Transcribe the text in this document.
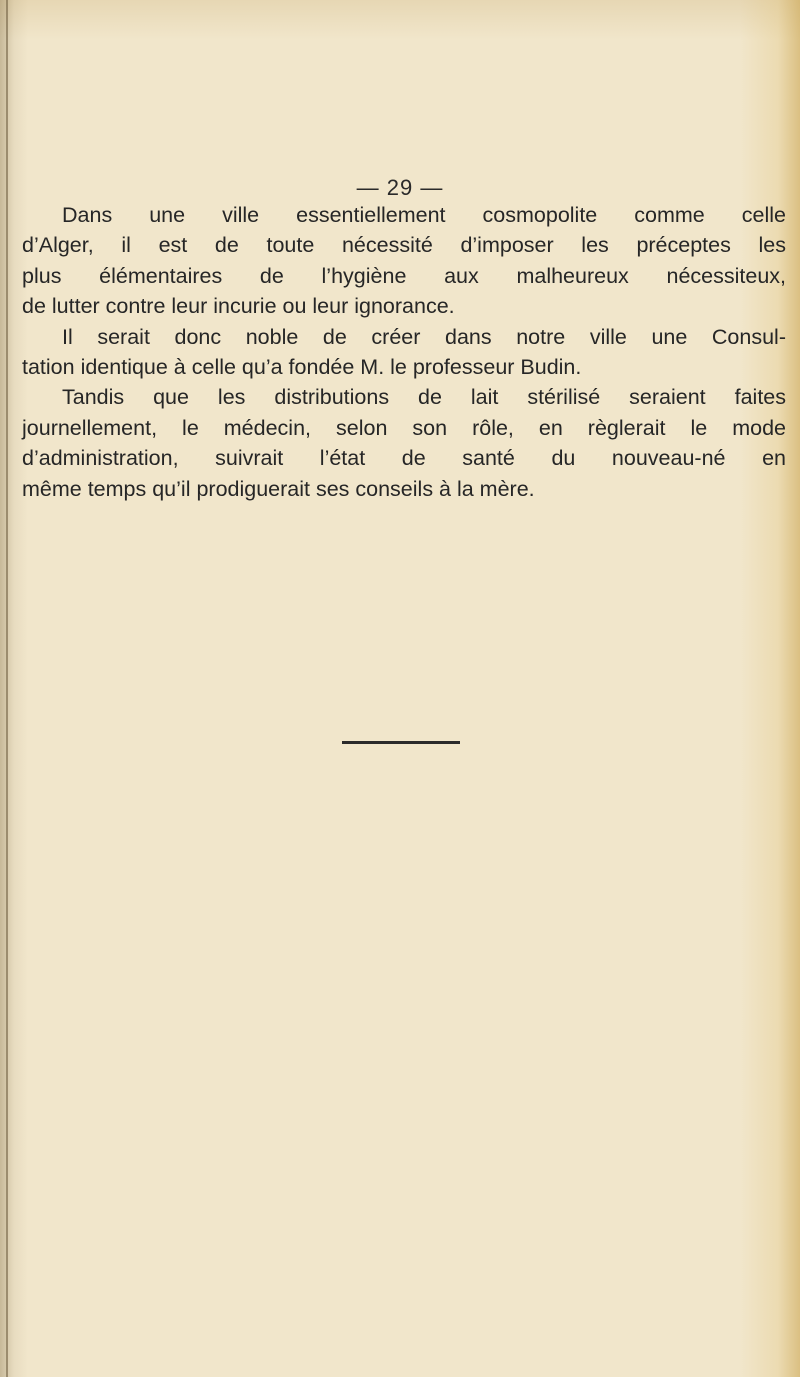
— 29 —
Dans une ville essentiellement cosmopolite comme celle
d’Alger, il est de toute nécessité d’imposer les préceptes les
plus élémentaires de l’hygiène aux malheureux nécessiteux,
de lutter contre leur incurie ou leur ignorance.
Il serait donc noble de créer dans notre ville une Consul-
tation identique à celle qu’a fondée M. le professeur Budin.
Tandis que les distributions de lait stérilisé seraient faites
journellement, le médecin, selon son rôle, en règlerait le mode
d’administration, suivrait l’état de santé du nouveau-né en
même temps qu’il prodiguerait ses conseils à la mère.
